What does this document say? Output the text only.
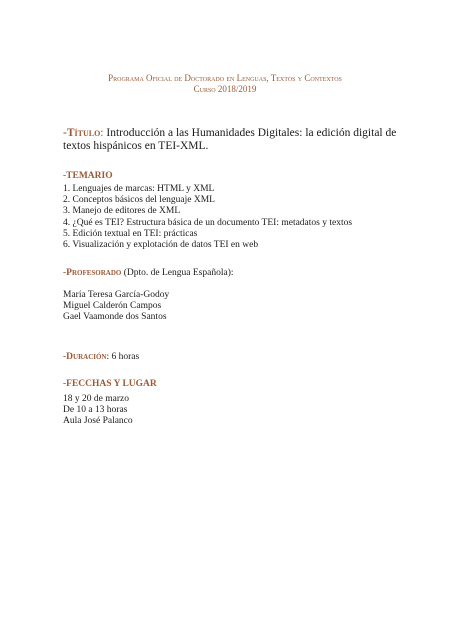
Programa Oficial de Doctorado en Lenguas, Textos y Contextos
Curso 2018/2019
-Título: Introducción a las Humanidades Digitales: la edición digital de textos hispánicos en TEI-XML.
-TEMARIO
1. Lenguajes de marcas: HTML y XML
2. Conceptos básicos del lenguaje XML
3. Manejo de editores de XML
4. ¿Qué es TEI? Estructura básica de un documento TEI: metadatos y textos
5. Edición textual en TEI: prácticas
6. Visualización y explotación de datos TEI en web
-Profesorado (Dpto. de Lengua Española):
María Teresa García-Godoy
Miguel Calderón Campos
Gael Vaamonde dos Santos
-Duración: 6 horas
-FECCHAS Y LUGAR
18 y 20 de marzo
De 10 a 13 horas
Aula José Palanco
